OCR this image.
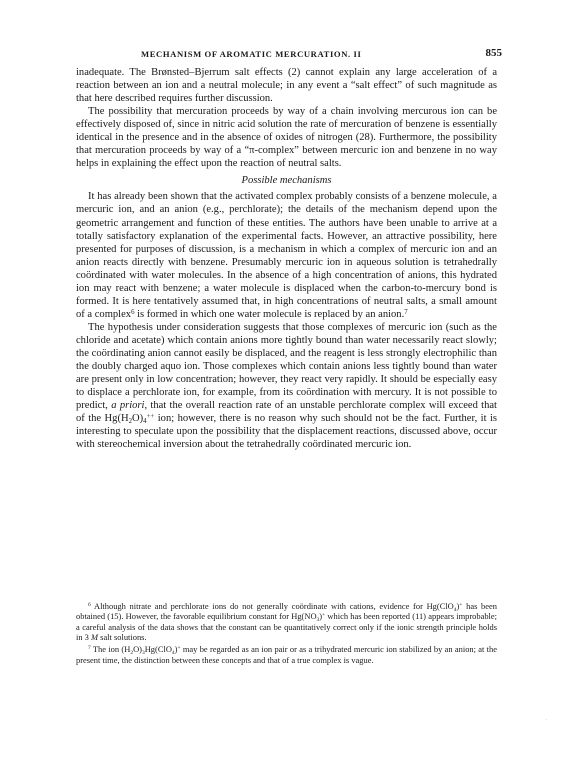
MECHANISM OF AROMATIC MERCURATION. II	855

inadequate. The Brønsted–Bjerrum salt effects (2) cannot explain any large acceleration of a reaction between an ion and a neutral molecule; in any event a “salt effect” of such magnitude as that here described requires further discussion.

The possibility that mercuration proceeds by way of a chain involving mercurous ion can be effectively disposed of, since in nitric acid solution the rate of mercuration of benzene is essentially identical in the presence and in the absence of oxides of nitrogen (28). Furthermore, the possibility that mercuration proceeds by way of a “π-complex” between mercuric ion and benzene in no way helps in explaining the effect upon the reaction of neutral salts.

Possible mechanisms

It has already been shown that the activated complex probably consists of a benzene molecule, a mercuric ion, and an anion (e.g., perchlorate); the details of the mechanism depend upon the geometric arrangement and function of these entities. The authors have been unable to arrive at a totally satisfactory explanation of the experimental facts. However, an attractive possibility, here presented for purposes of discussion, is a mechanism in which a complex of mercuric ion and an anion reacts directly with benzene. Presumably mercuric ion in aqueous solution is tetrahedrally coördinated with water molecules. In the absence of a high concentration of anions, this hydrated ion may react with benzene; a water molecule is displaced when the carbon-to-mercury bond is formed. It is here tentatively assumed that, in high concentrations of neutral salts, a small amount of a complex$^6$ is formed in which one water molecule is replaced by an anion.$^7$

The hypothesis under consideration suggests that those complexes of mercuric ion (such as the chloride and acetate) which contain anions more tightly bound than water necessarily react slowly; the coördinating anion cannot easily be displaced, and the reagent is less strongly electrophilic than the doubly charged aquo ion. Those complexes which contain anions less tightly bound than water are present only in low concentration; however, they react very rapidly. It should be especially easy to displace a perchlorate ion, for example, from its coördination with mercury. It is not possible to predict, a priori, that the overall reaction rate of an unstable perchlorate complex will exceed that of the $Hg(H_2O)_4^{++}$ ion; however, there is no reason why such should not be the fact. Further, it is interesting to speculate upon the possibility that the displacement reactions, discussed above, occur with stereochemical inversion about the tetrahedrally coördinated mercuric ion.

$^6$ Although nitrate and perchlorate ions do not generally coördinate with cations, evidence for Hg(ClO$_4$)+ has been obtained (15). However, the favorable equilibrium constant for $Hg(NO_3)^+$ which has been reported (11) appears improbable; a careful analysis of the data shows that the constant can be quantitatively correct only if the ionic strength principle holds in 3 M salt solutions.

$^7$ The ion $(H_2O)_3Hg(ClO_4)^+$ may be regarded as an ion pair or as a trihydrated mercuric ion stabilized by an anion; at the present time, the distinction between these concepts and that of a true complex is vague.

·
